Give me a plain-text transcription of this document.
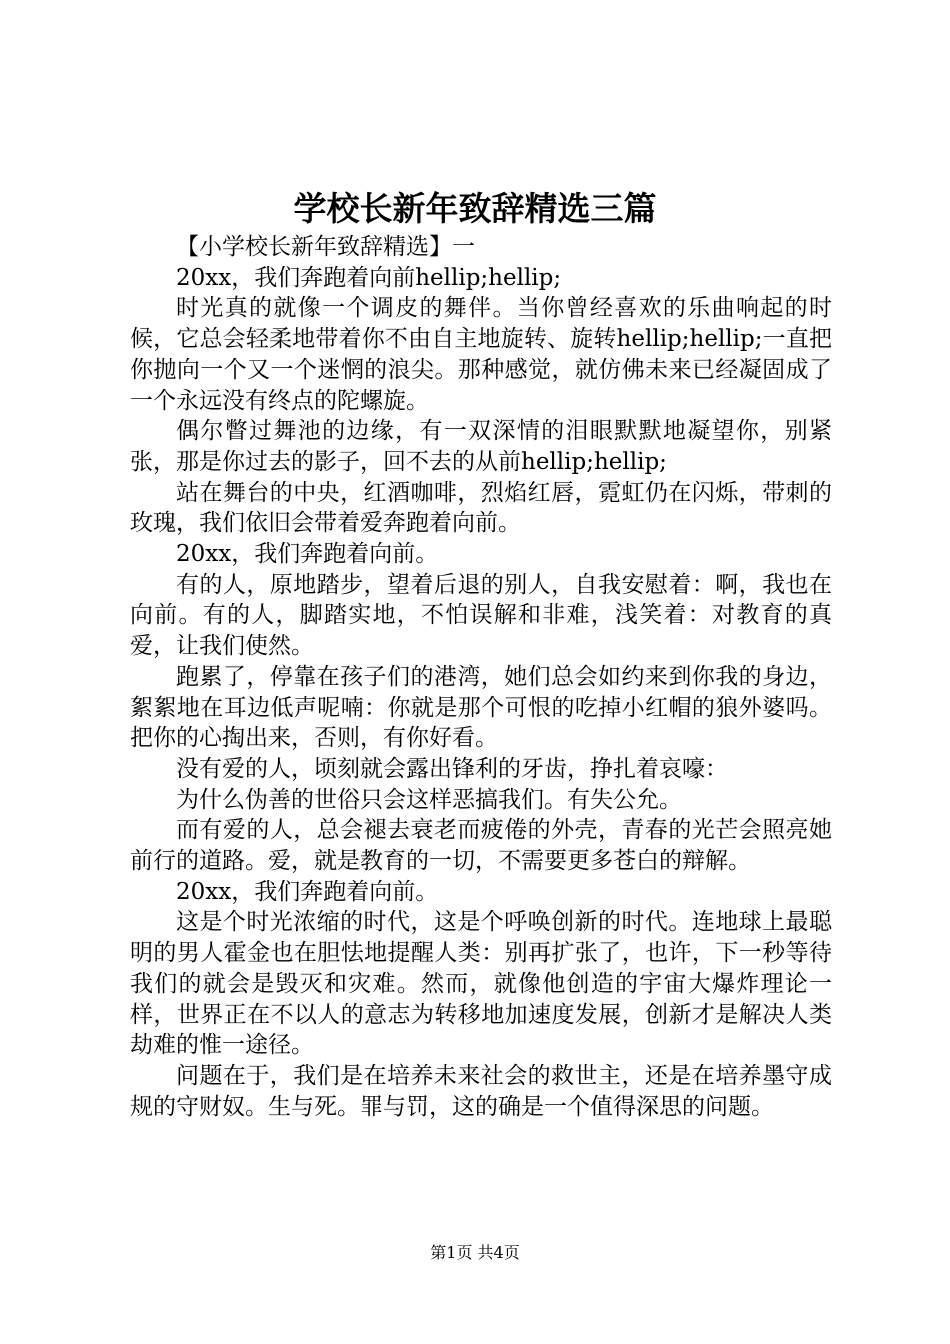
学校长新年致辞精选三篇

【小学校长新年致辞精选】一

20xx，我们奔跑着向前hellip;hellip;

时光真的就像一个调皮的舞伴。当你曾经喜欢的乐曲响起的时候，它总会轻柔地带着你不由自主地旋转、旋转hellip;hellip;一直把你抛向一个又一个迷惘的浪尖。那种感觉，就仿佛未来已经凝固成了一个永远没有终点的陀螺旋。

偶尔瞥过舞池的边缘，有一双深情的泪眼默默地凝望你，别紧张，那是你过去的影子，回不去的从前hellip;hellip;

站在舞台的中央，红酒咖啡，烈焰红唇，霓虹仍在闪烁，带刺的玫瑰，我们依旧会带着爱奔跑着向前。

20xx，我们奔跑着向前。

有的人，原地踏步，望着后退的别人，自我安慰着：啊，我也在向前。有的人，脚踏实地，不怕误解和非难，浅笑着：对教育的真爱，让我们使然。

跑累了，停靠在孩子们的港湾，她们总会如约来到你我的身边，絮絮地在耳边低声呢喃：你就是那个可恨的吃掉小红帽的狼外婆吗。把你的心掏出来，否则，有你好看。

没有爱的人，顷刻就会露出锋利的牙齿，挣扎着哀嚎：

为什么伪善的世俗只会这样恶搞我们。有失公允。

而有爱的人，总会褪去衰老而疲倦的外壳，青春的光芒会照亮她前行的道路。爱，就是教育的一切，不需要更多苍白的辩解。

20xx，我们奔跑着向前。

这是个时光浓缩的时代，这是个呼唤创新的时代。连地球上最聪明的男人霍金也在胆怯地提醒人类：别再扩张了，也许，下一秒等待我们的就会是毁灭和灾难。然而，就像他创造的宇宙大爆炸理论一样，世界正在不以人的意志为转移地加速度发展，创新才是解决人类劫难的惟一途径。

问题在于，我们是在培养未来社会的救世主，还是在培养墨守成规的守财奴。生与死。罪与罚，这的确是一个值得深思的问题。

第1页 共4页
